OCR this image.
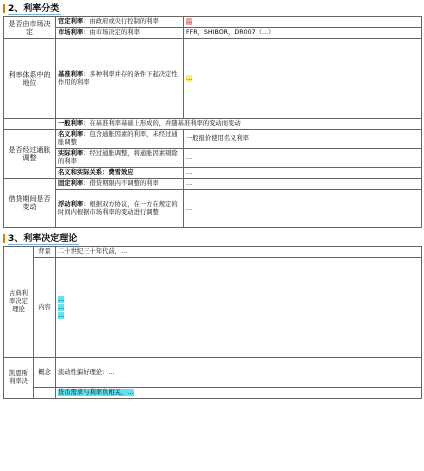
2、利率分类
是否由市场决定	官定利率：由政府或央行控制的利率	…
	市场利率：由市场决定的利率	FFR，SHIBOR，DR007（…）
利率体系中的地位	基准利率：多种利率并存的条件下起决定性作用的利率	…
	一般利率：在基准利率基础上形成的，并随基准利率的变动而变动	
是否经过通胀调整	名义利率：包含通胀因素的利率，未经过通胀调整	一般报价使用名义利率
	实际利率：经过通胀调整，将通胀因素剔除的利率	…
	名义和实际关系：费雪效应	…
借贷期间是否变动	固定利率：借贷期限内不调整的利率	…
	浮动利率：根据双方协议，在一方在规定的时间内根据市场利率的变动进行调整	…
3、利率决定理论
古典利率决定理论	背景	二十世纪三十年代前，…
	内容	…
…
…

凯恩斯利率决	概念	流动性偏好理论：…
		货币需求与利率负相关，…
